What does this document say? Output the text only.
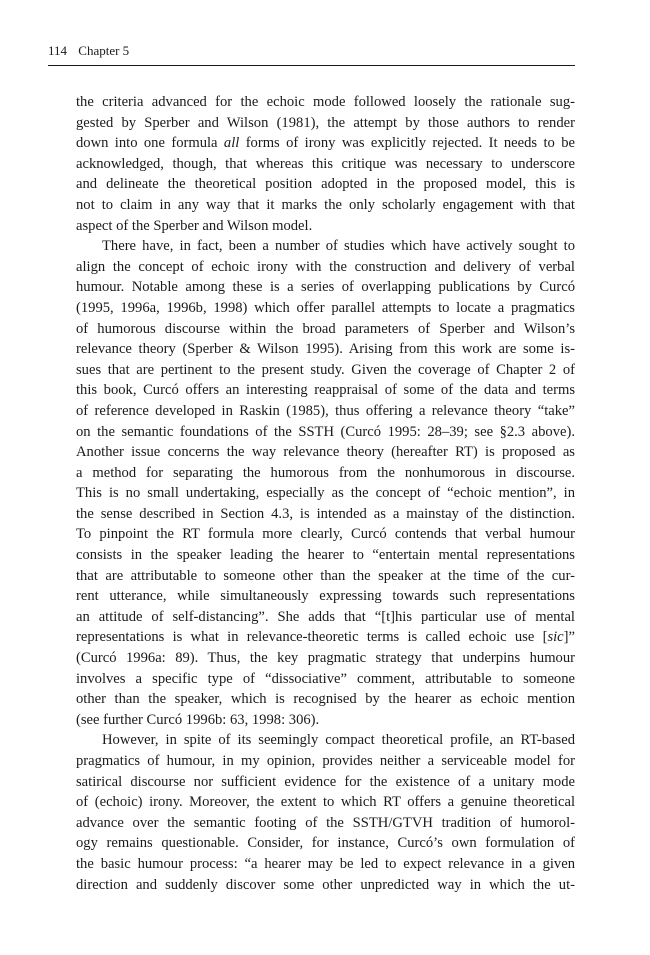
114 Chapter 5
the criteria advanced for the echoic mode followed loosely the rationale sug-
gested by Sperber and Wilson (1981), the attempt by those authors to render
down into one formula all forms of irony was explicitly rejected. It needs to be
acknowledged, though, that whereas this critique was necessary to underscore
and delineate the theoretical position adopted in the proposed model, this is
not to claim in any way that it marks the only scholarly engagement with that
aspect of the Sperber and Wilson model.
There have, in fact, been a number of studies which have actively sought to
align the concept of echoic irony with the construction and delivery of verbal
humour. Notable among these is a series of overlapping publications by Curcó
(1995, 1996a, 1996b, 1998) which offer parallel attempts to locate a pragmatics
of humorous discourse within the broad parameters of Sperber and Wilson’s
relevance theory (Sperber & Wilson 1995). Arising from this work are some is-
sues that are pertinent to the present study. Given the coverage of Chapter 2 of
this book, Curcó offers an interesting reappraisal of some of the data and terms
of reference developed in Raskin (1985), thus offering a relevance theory “take”
on the semantic foundations of the SSTH (Curcó 1995: 28–39; see §2.3 above).
Another issue concerns the way relevance theory (hereafter RT) is proposed as
a method for separating the humorous from the nonhumorous in discourse.
This is no small undertaking, especially as the concept of “echoic mention”, in
the sense described in Section 4.3, is intended as a mainstay of the distinction.
To pinpoint the RT formula more clearly, Curcó contends that verbal humour
consists in the speaker leading the hearer to “entertain mental representations
that are attributable to someone other than the speaker at the time of the cur-
rent utterance, while simultaneously expressing towards such representations
an attitude of self-distancing”. She adds that “[t]his particular use of mental
representations is what in relevance-theoretic terms is called echoic use [sic]”
(Curcó 1996a: 89). Thus, the key pragmatic strategy that underpins humour
involves a specific type of “dissociative” comment, attributable to someone
other than the speaker, which is recognised by the hearer as echoic mention
(see further Curcó 1996b: 63, 1998: 306).
However, in spite of its seemingly compact theoretical profile, an RT-based
pragmatics of humour, in my opinion, provides neither a serviceable model for
satirical discourse nor sufficient evidence for the existence of a unitary mode
of (echoic) irony. Moreover, the extent to which RT offers a genuine theoretical
advance over the semantic footing of the SSTH/GTVH tradition of humorol-
ogy remains questionable. Consider, for instance, Curcó’s own formulation of
the basic humour process: “a hearer may be led to expect relevance in a given
direction and suddenly discover some other unpredicted way in which the ut-
